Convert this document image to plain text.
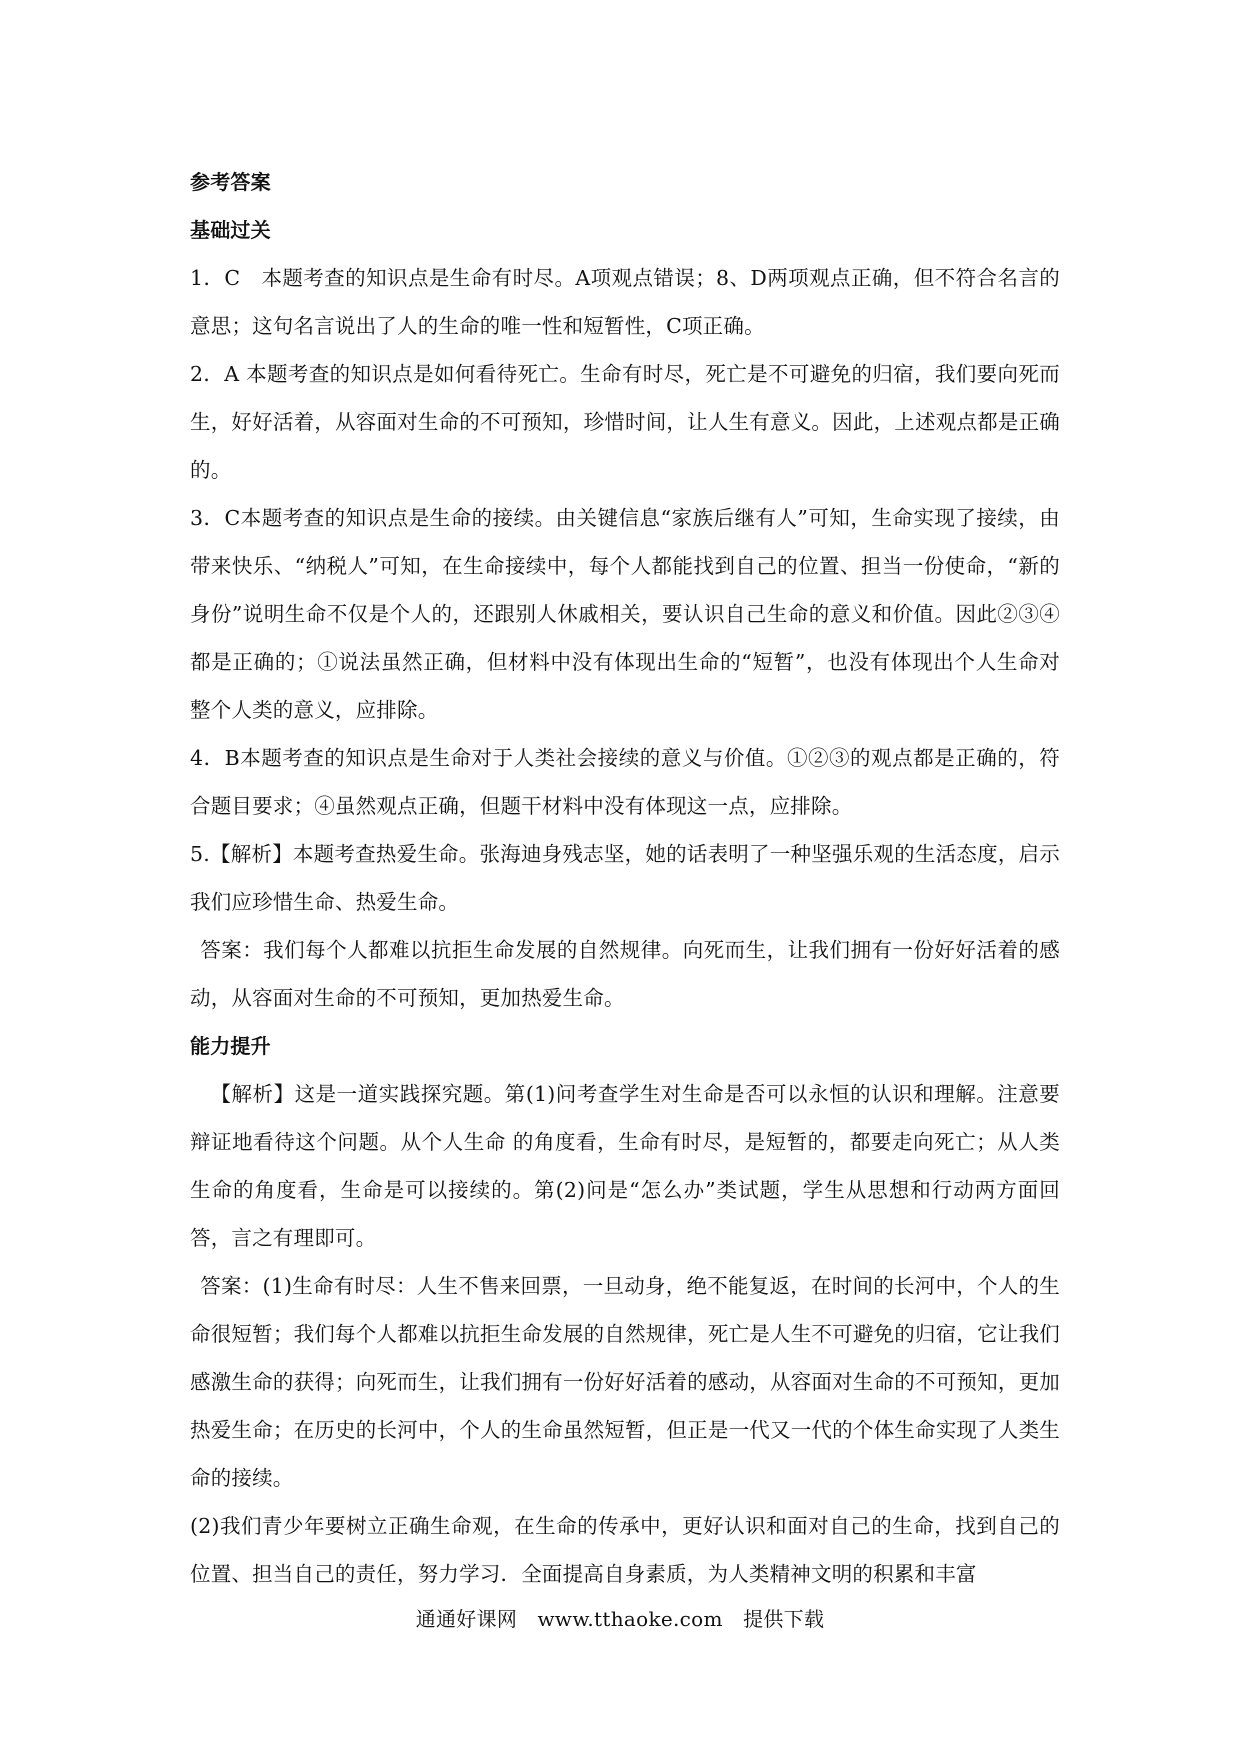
参考答案
基础过关

1．C　本题考查的知识点是生命有时尽。A项观点错误；8、D两项观点正确，但不符合名言的意思；这句名言说出了人的生命的唯一性和短暂性，C项正确。

2．A 本题考查的知识点是如何看待死亡。生命有时尽，死亡是不可避免的归宿，我们要向死而生，好好活着，从容面对生命的不可预知，珍惜时间，让人生有意义。因此，上述观点都是正确的。

3．C本题考查的知识点是生命的接续。由关键信息“家族后继有人”可知，生命实现了接续，由带来快乐、“纳税人”可知，在生命接续中，每个人都能找到自己的位置、担当一份使命，“新的身份”说明生命不仅是个人的，还跟别人休戚相关，要认识自己生命的意义和价值。因此②③④都是正确的；①说法虽然正确，但材料中没有体现出生命的“短暂”，也没有体现出个人生命对整个人类的意义，应排除。

4．B本题考查的知识点是生命对于人类社会接续的意义与价值。①②③的观点都是正确的，符合题目要求；④虽然观点正确，但题干材料中没有体现这一点，应排除。

5.【解析】本题考查热爱生命。张海迪身残志坚，她的话表明了一种坚强乐观的生活态度，启示我们应珍惜生命、热爱生命。

答案：我们每个人都难以抗拒生命发展的自然规律。向死而生，让我们拥有一份好好活着的感动，从容面对生命的不可预知，更加热爱生命。

能力提升

【解析】这是一道实践探究题。第(1)问考查学生对生命是否可以永恒的认识和理解。注意要辩证地看待这个问题。从个人生命 的角度看，生命有时尽，是短暂的，都要走向死亡；从人类生命的角度看，生命是可以接续的。第(2)问是“怎么办”类试题，学生从思想和行动两方面回答，言之有理即可。

答案：(1)生命有时尽：人生不售来回票，一旦动身，绝不能复返，在时间的长河中，个人的生命很短暂；我们每个人都难以抗拒生命发展的自然规律，死亡是人生不可避免的归宿，它让我们感激生命的获得；向死而生，让我们拥有一份好好活着的感动，从容面对生命的不可预知，更加热爱生命；在历史的长河中，个人的生命虽然短暂，但正是一代又一代的个体生命实现了人类生命的接续。

(2)我们青少年要树立正确生命观，在生命的传承中，更好认识和面对自己的生命，找到自己的位置、担当自己的责任，努力学习．全面提高自身素质，为人类精神文明的积累和丰富

通通好课网　www.tthaoke.com　提供下载
